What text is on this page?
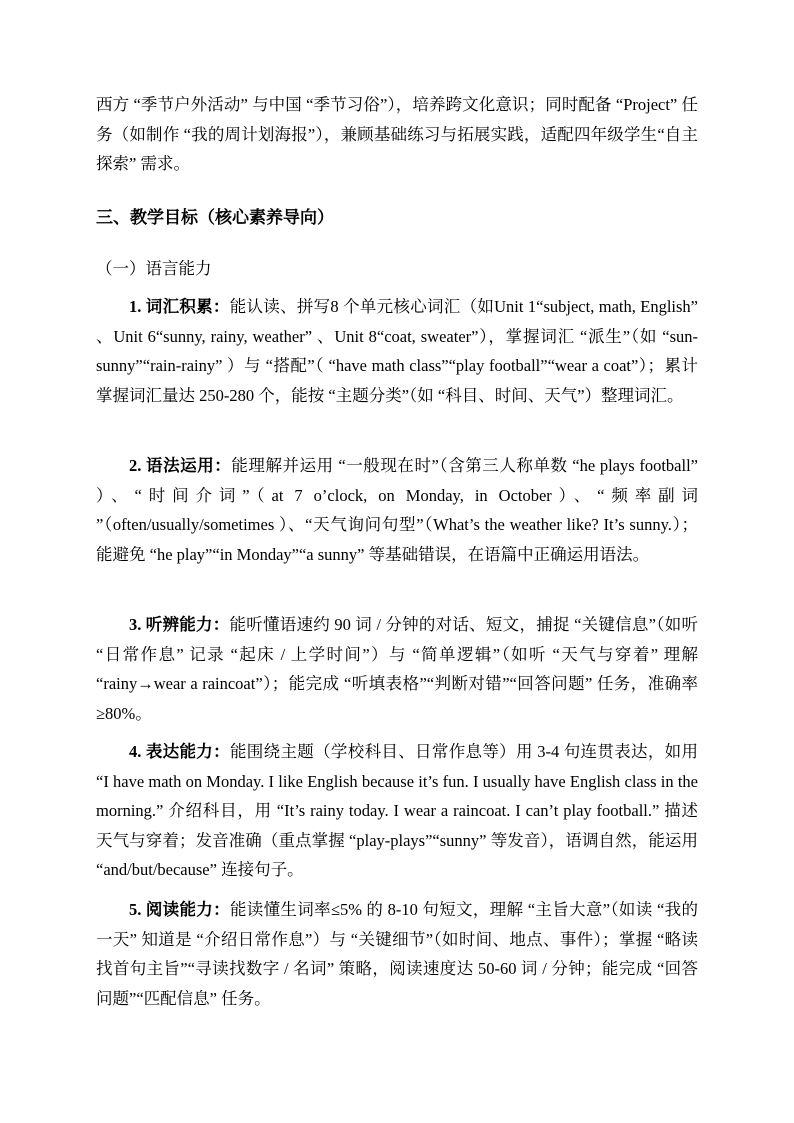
西方 “季节户外活动” 与中国 “季节习俗”），培养跨文化意识；同时配备 “Project” 任务（如制作 “我的周计划海报”），兼顾基础练习与拓展实践，适配四年级学生“自主探索” 需求。
三、教学目标（核心素养导向）
（一）语言能力
1. 词汇积累：能认读、拼写8 个单元核心词汇（如Unit 1“subject, math, English” 、Unit 6“sunny, rainy, weather” 、Unit 8“coat, sweater”），掌握词汇 “派生”（如 “sun-sunny”“rain-rainy” ）与 “搭配”（ “have math class”“play football”“wear a coat”）；累计掌握词汇量达 250-280 个，能按 “主题分类”（如 “科目、时间、天气”）整理词汇。
2. 语法运用：能理解并运用 “一般现在时”（含第三人称单数 “he plays football” ）、“时间介词”（at 7 o’clock, on Monday, in October）、“频率副词 ”（often/usually/sometimes ）、“天气询问句型”（What’s the weather like? It’s sunny.）；能避免 “he play”“in Monday”“a sunny” 等基础错误，在语篇中正确运用语法。
3. 听辨能力：能听懂语速约 90 词 / 分钟的对话、短文，捕捉 “关键信息”（如听 “日常作息” 记录 “起床 / 上学时间”）与 “简单逻辑”（如听 “天气与穿着” 理解 “rainy→wear a raincoat”）；能完成 “听填表格”“判断对错”“回答问题” 任务，准确率≥80%。
4. 表达能力：能围绕主题（学校科目、日常作息等）用 3-4 句连贯表达，如用 “I have math on Monday. I like English because it’s fun. I usually have English class in the morning.” 介绍科目，用 “It’s rainy today. I wear a raincoat. I can’t play football.” 描述天气与穿着；发音准确（重点掌握 “play-plays”“sunny” 等发音），语调自然，能运用 “and/but/because” 连接句子。
5. 阅读能力：能读懂生词率≤5% 的 8-10 句短文，理解 “主旨大意”（如读 “我的一天” 知道是 “介绍日常作息”）与 “关键细节”（如时间、地点、事件）；掌握 “略读找首句主旨”“寻读找数字 / 名词” 策略，阅读速度达 50-60 词 / 分钟；能完成 “回答问题”“匹配信息” 任务。
